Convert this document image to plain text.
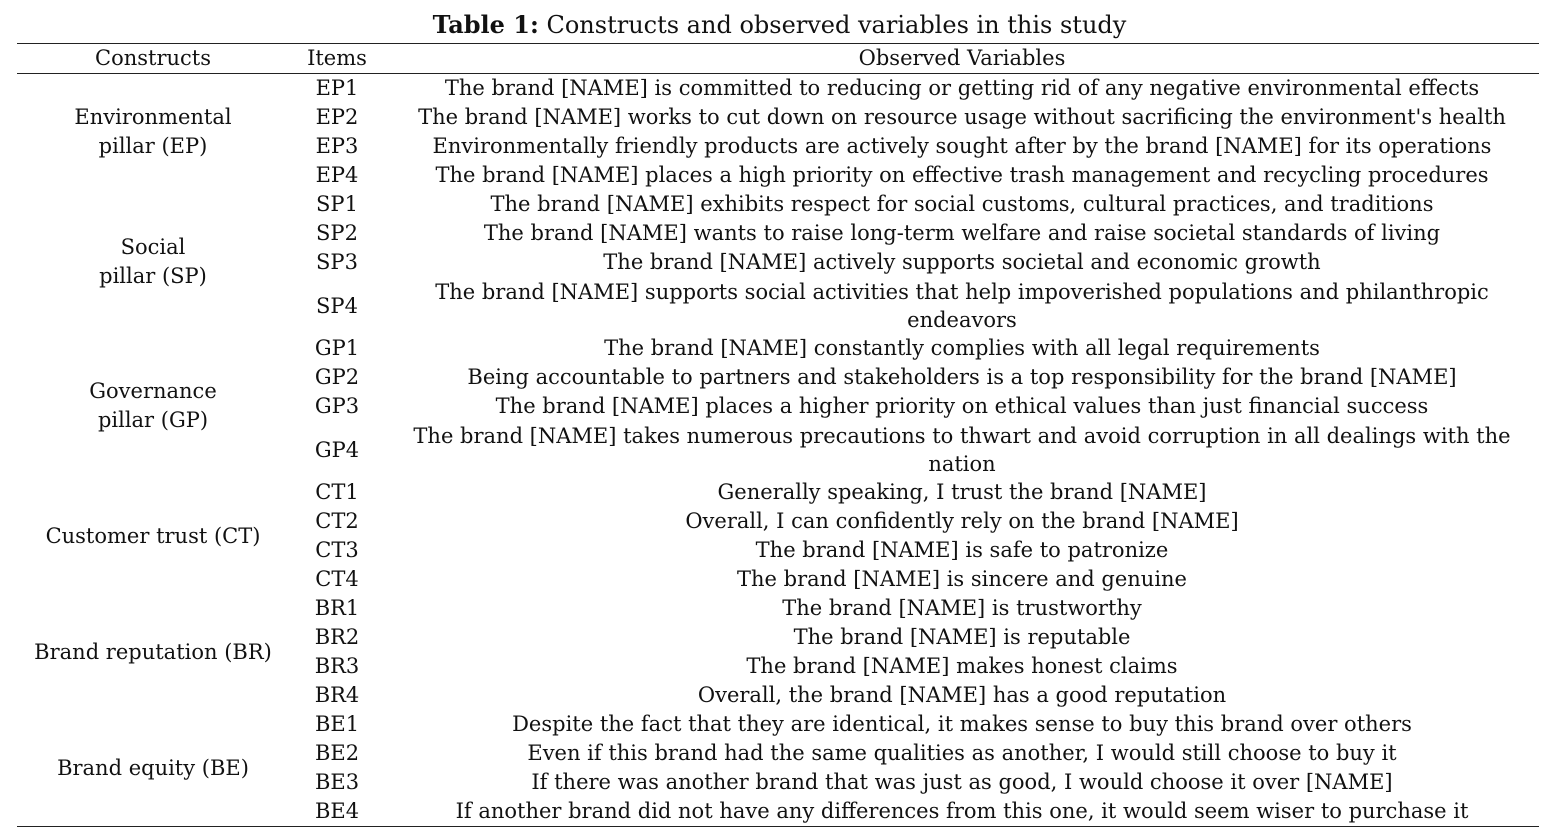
Table 1: Constructs and observed variables in this study
Constructs	Items	Observed Variables

Environmental
pillar (EP)	EP1	The brand [NAME] is committed to reducing or getting rid of any negative environmental effects
	EP2	The brand [NAME] works to cut down on resource usage without sacrificing the environment's health
	EP3	Environmentally friendly products are actively sought after by the brand [NAME] for its operations
	EP4	The brand [NAME] places a high priority on effective trash management and recycling procedures

Social
pillar (SP)	SP1	The brand [NAME] exhibits respect for social customs, cultural practices, and traditions
	SP2	The brand [NAME] wants to raise long-term welfare and raise societal standards of living
	SP3	The brand [NAME] actively supports societal and economic growth
	SP4	The brand [NAME] supports social activities that help impoverished populations and philanthropic endeavors

Governance
pillar (GP)	GP1	The brand [NAME] constantly complies with all legal requirements
	GP2	Being accountable to partners and stakeholders is a top responsibility for the brand [NAME]
	GP3	The brand [NAME] places a higher priority on ethical values than just financial success
	GP4	The brand [NAME] takes numerous precautions to thwart and avoid corruption in all dealings with the nation

Customer trust (CT)	CT1	Generally speaking, I trust the brand [NAME]
	CT2	Overall, I can confidently rely on the brand [NAME]
	CT3	The brand [NAME] is safe to patronize
	CT4	The brand [NAME] is sincere and genuine

Brand reputation (BR)	BR1	The brand [NAME] is trustworthy
	BR2	The brand [NAME] is reputable
	BR3	The brand [NAME] makes honest claims
	BR4	Overall, the brand [NAME] has a good reputation

Brand equity (BE)	BE1	Despite the fact that they are identical, it makes sense to buy this brand over others
	BE2	Even if this brand had the same qualities as another, I would still choose to buy it
	BE3	If there was another brand that was just as good, I would choose it over [NAME]
	BE4	If another brand did not have any differences from this one, it would seem wiser to purchase it
